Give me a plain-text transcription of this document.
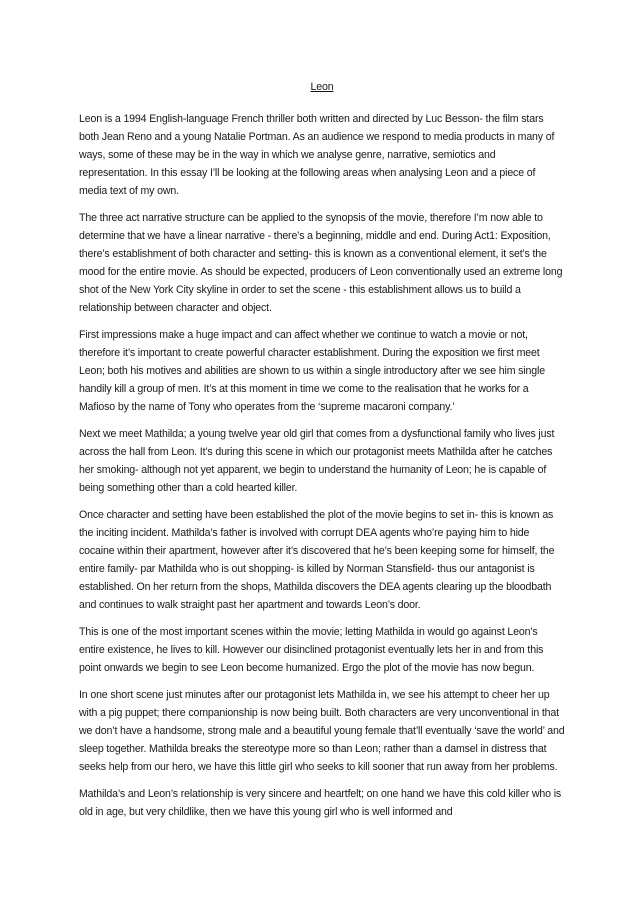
Leon

Leon is a 1994 English-language French thriller both written and directed by Luc Besson- the film stars both Jean Reno and a young Natalie Portman. As an audience we respond to media products in many of ways, some of these may be in the way in which we analyse genre, narrative, semiotics and representation. In this essay I’ll be looking at the following areas when analysing Leon and a piece of media text of my own.

The three act narrative structure can be applied to the synopsis of the movie, therefore I’m now able to determine that we have a linear narrative - there’s a beginning, middle and end. During Act1: Exposition, there’s establishment of both character and setting- this is known as a conventional element, it set’s the mood for the entire movie. As should be expected, producers of Leon conventionally used an extreme long shot of the New York City skyline in order to set the scene - this establishment allows us to build a relationship between character and object.

First impressions make a huge impact and can affect whether we continue to watch a movie or not, therefore it’s important to create powerful character establishment. During the exposition we first meet Leon; both his motives and abilities are shown to us within a single introductory after we see him single handily kill a group of men. It’s at this moment in time we come to the realisation that he works for a Mafioso by the name of Tony who operates from the ‘supreme macaroni company.’

Next we meet Mathilda; a young twelve year old girl that comes from a dysfunctional family who lives just across the hall from Leon. It’s during this scene in which our protagonist meets Mathilda after he catches her smoking- although not yet apparent, we begin to understand the humanity of Leon; he is capable of being something other than a cold hearted killer.

Once character and setting have been established the plot of the movie begins to set in- this is known as the inciting incident. Mathilda’s father is involved with corrupt DEA agents who’re paying him to hide cocaine within their apartment, however after it’s discovered that he’s been keeping some for himself, the entire family- par Mathilda who is out shopping- is killed by Norman Stansfield- thus our antagonist is established. On her return from the shops, Mathilda discovers the DEA agents clearing up the bloodbath and continues to walk straight past her apartment and towards Leon’s door.

This is one of the most important scenes within the movie; letting Mathilda in would go against Leon’s entire existence, he lives to kill. However our disinclined protagonist eventually lets her in and from this point onwards we begin to see Leon become humanized. Ergo the plot of the movie has now begun.

In one short scene just minutes after our protagonist lets Mathilda in, we see his attempt to cheer her up with a pig puppet; there companionship is now being built. Both characters are very unconventional in that we don’t have a handsome, strong male and a beautiful young female that’ll eventually ‘save the world’ and sleep together. Mathilda breaks the stereotype more so than Leon; rather than a damsel in distress that seeks help from our hero, we have this little girl who seeks to kill sooner that run away from her problems.

Mathilda’s and Leon’s relationship is very sincere and heartfelt; on one hand we have this cold killer who is old in age, but very childlike, then we have this young girl who is well informed and
